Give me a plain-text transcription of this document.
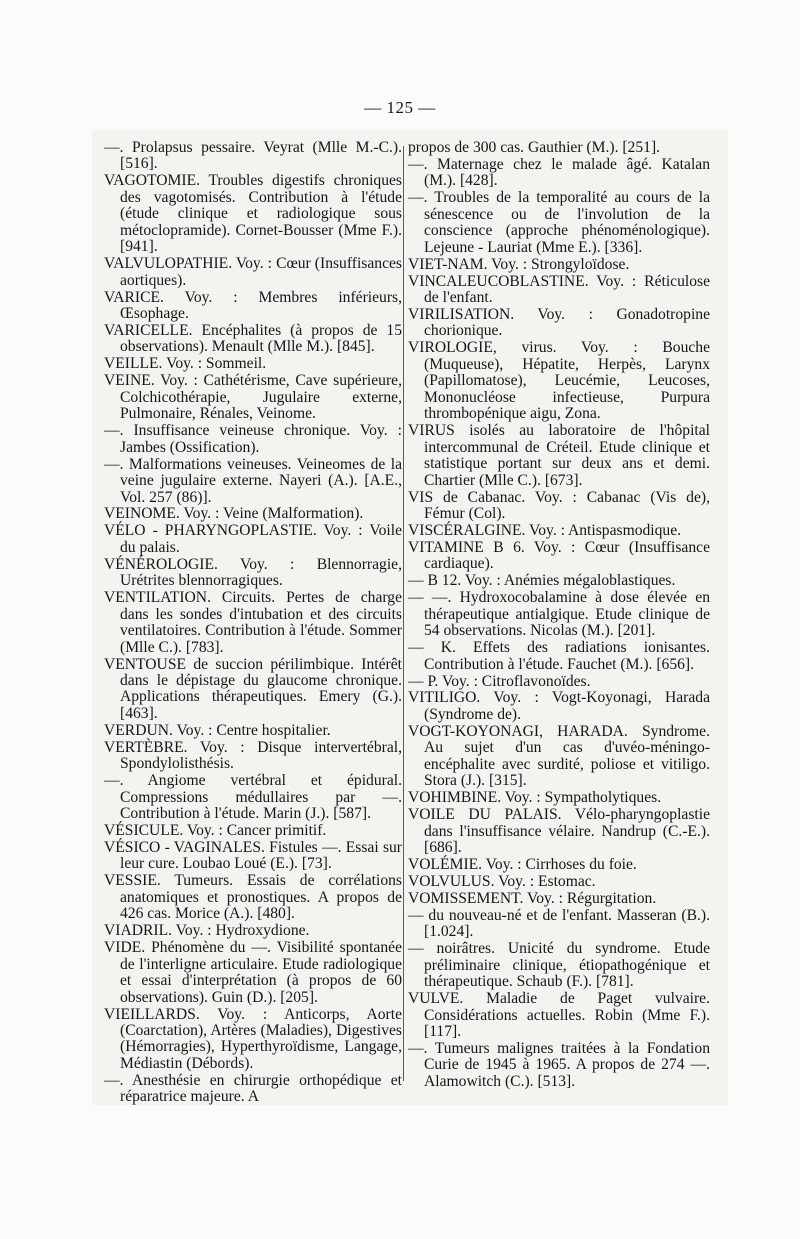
— 125 —

—. Prolapsus pessaire. Veyrat (Mlle M.-C.). [516].

VAGOTOMIE. Troubles digestifs chroniques des vagotomisés. Contribution à l'étude (étude clinique et radiologique sous métoclopramide). Cornet-Bousser (Mme F.). [941].

VALVULOPATHIE. Voy. : Cœur (Insuffisances aortiques).

VARICE. Voy. : Membres inférieurs, Œsophage.

VARICELLE. Encéphalites (à propos de 15 observations). Menault (Mlle M.). [845].

VEILLE. Voy. : Sommeil.

VEINE. Voy. : Cathétérisme, Cave supérieure, Colchicothérapie, Jugulaire externe, Pulmonaire, Rénales, Veinome.

—. Insuffisance veineuse chronique. Voy. : Jambes (Ossification).

—. Malformations veineuses. Veineomes de la veine jugulaire externe. Nayeri (A.). [A.E., Vol. 257 (86)].

VEINOME. Voy. : Veine (Malformation).

VÉLO - PHARYNGOPLASTIE. Voy. : Voile du palais.

VÉNÉROLOGIE. Voy. : Blennorragie, Urétrites blennorragiques.

VENTILATION. Circuits. Pertes de charge dans les sondes d'intubation et des circuits ventilatoires. Contribution à l'étude. Sommer (Mlle C.). [783].

VENTOUSE de succion périlimbique. Intérêt dans le dépistage du glaucome chronique. Applications thérapeutiques. Emery (G.). [463].

VERDUN. Voy. : Centre hospitalier.

VERTÈBRE. Voy. : Disque intervertébral, Spondylolisthésis.

—. Angiome vertébral et épidural. Compressions médullaires par —. Contribution à l'étude. Marin (J.). [587].

VÉSICULE. Voy. : Cancer primitif.

VÉSICO - VAGINALES. Fistules —. Essai sur leur cure. Loubao Loué (E.). [73].

VESSIE. Tumeurs. Essais de corrélations anatomiques et pronostiques. A propos de 426 cas. Morice (A.). [480].

VIADRIL. Voy. : Hydroxydione.

VIDE. Phénomène du —. Visibilité spontanée de l'interligne articulaire. Etude radiologique et essai d'interprétation (à propos de 60 observations). Guin (D.). [205].

VIEILLARDS. Voy. : Anticorps, Aorte (Coarctation), Artères (Maladies), Digestives (Hémorragies), Hyperthyroïdisme, Langage, Médiastin (Débords).

—. Anesthésie en chirurgie orthopédique et réparatrice majeure. A

propos de 300 cas. Gauthier (M.). [251].

—. Maternage chez le malade âgé. Katalan (M.). [428].

—. Troubles de la temporalité au cours de la sénescence ou de l'involution de la conscience (approche phénoménologique). Lejeune - Lauriat (Mme E.). [336].

VIET-NAM. Voy. : Strongyloïdose.

VINCALEUCOBLASTINE. Voy. : Réticulose de l'enfant.

VIRILISATION. Voy. : Gonadotropine chorionique.

VIROLOGIE, virus. Voy. : Bouche (Muqueuse), Hépatite, Herpès, Larynx (Papillomatose), Leucémie, Leucoses, Mononucléose infectieuse, Purpura thrombopénique aigu, Zona.

VIRUS isolés au laboratoire de l'hôpital intercommunal de Créteil. Etude clinique et statistique portant sur deux ans et demi. Chartier (Mlle C.). [673].

VIS de Cabanac. Voy. : Cabanac (Vis de), Fémur (Col).

VISCÉRALGINE. Voy. : Antispasmodique.

VITAMINE B 6. Voy. : Cœur (Insuffisance cardiaque).

— B 12. Voy. : Anémies mégaloblastiques.

— —. Hydroxocobalamine à dose élevée en thérapeutique antialgique. Etude clinique de 54 observations. Nicolas (M.). [201].

— K. Effets des radiations ionisantes. Contribution à l'étude. Fauchet (M.). [656].

— P. Voy. : Citroflavonoïdes.

VITILIGO. Voy. : Vogt-Koyonagi, Harada (Syndrome de).

VOGT-KOYONAGI, HARADA. Syndrome. Au sujet d'un cas d'uvéo-méningo-encéphalite avec surdité, poliose et vitiligo. Stora (J.). [315].

VOHIMBINE. Voy. : Sympatholytiques.

VOILE DU PALAIS. Vélo-pharyngoplastie dans l'insuffisance vélaire. Nandrup (C.-E.). [686].

VOLÉMIE. Voy. : Cirrhoses du foie.

VOLVULUS. Voy. : Estomac.

VOMISSEMENT. Voy. : Régurgitation.

— du nouveau-né et de l'enfant. Masseran (B.). [1.024].

— noirâtres. Unicité du syndrome. Etude préliminaire clinique, étiopathogénique et thérapeutique. Schaub (F.). [781].

VULVE. Maladie de Paget vulvaire. Considérations actuelles. Robin (Mme F.). [117].

—. Tumeurs malignes traitées à la Fondation Curie de 1945 à 1965. A propos de 274 —. Alamowitch (C.). [513].
